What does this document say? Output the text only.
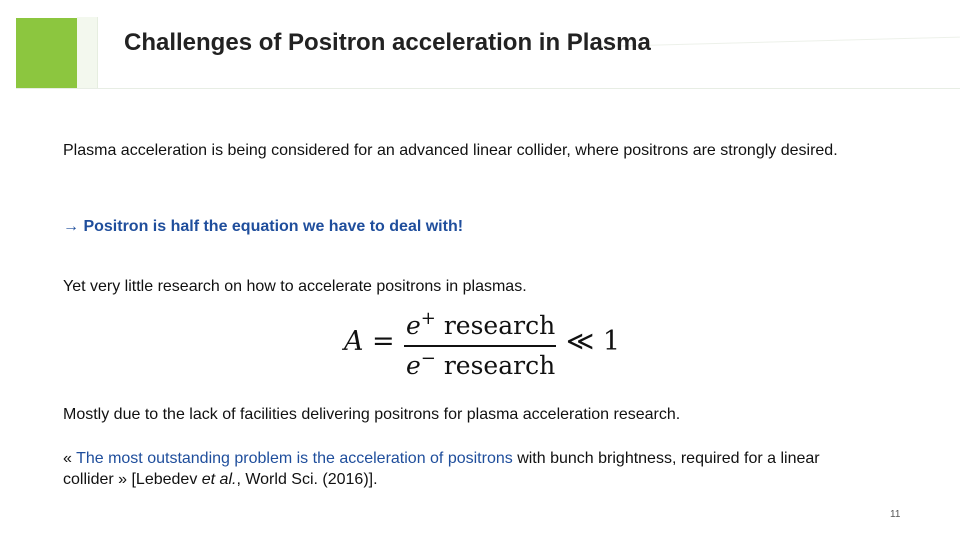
Challenges of Positron acceleration in Plasma
Plasma acceleration is being considered for an advanced linear collider, where positrons are strongly desired.
→ Positron is half the equation we have to deal with!
Yet very little research on how to accelerate positrons in plasmas.
A =
e+ research
e− research
≪ 1
Mostly due to the lack of facilities delivering positrons for plasma acceleration research.
« The most outstanding problem is the acceleration of positrons with bunch brightness, required for a linear collider » [Lebedev et al., World Sci. (2016)].
11
